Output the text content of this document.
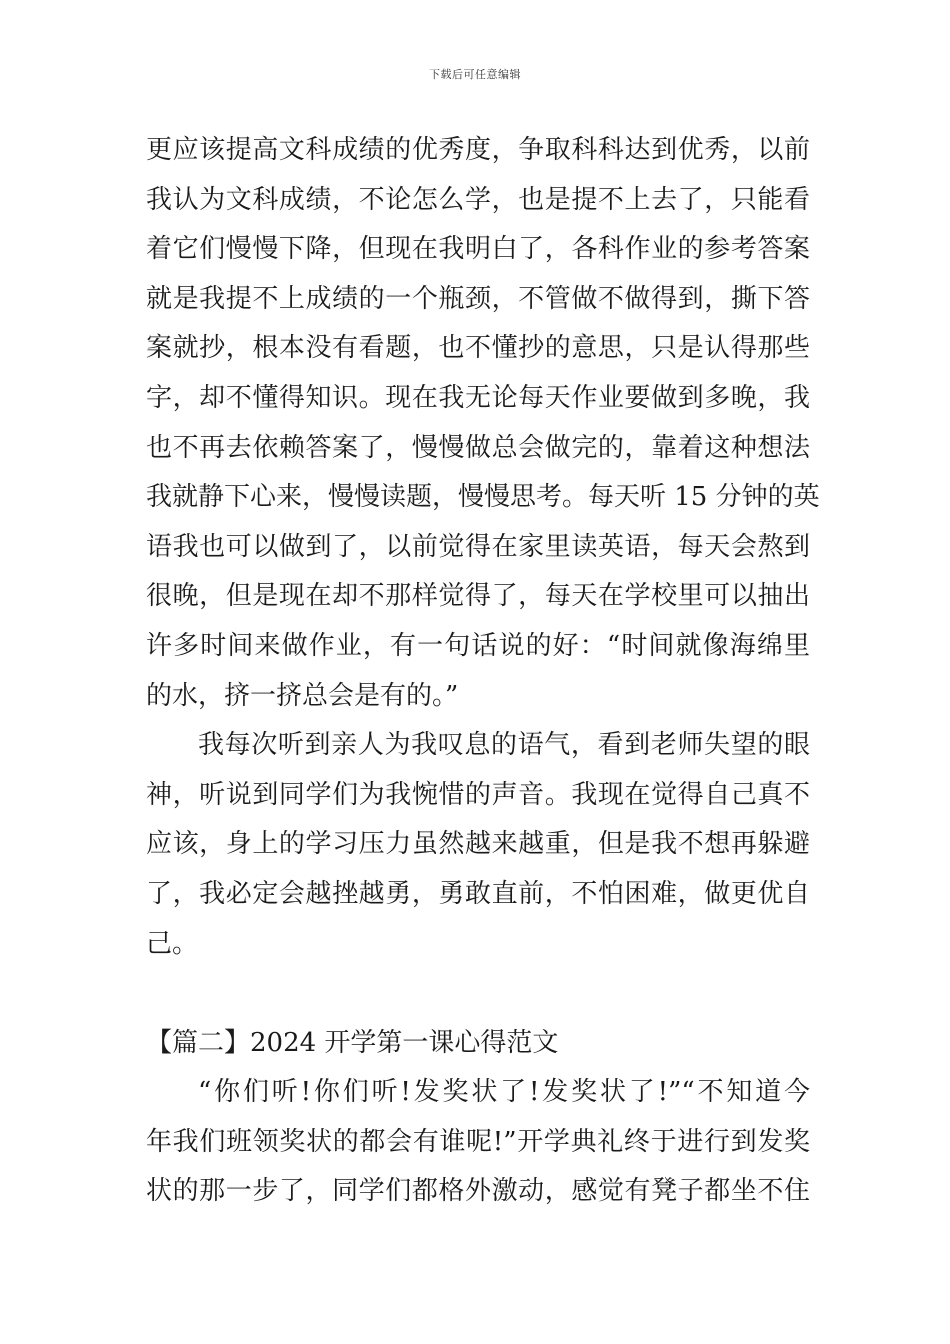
下载后可任意编辑
更应该提高文科成绩的优秀度，争取科科达到优秀，以前
我认为文科成绩，不论怎么学，也是提不上去了，只能看
着它们慢慢下降，但现在我明白了，各科作业的参考答案
就是我提不上成绩的一个瓶颈，不管做不做得到，撕下答
案就抄，根本没有看题，也不懂抄的意思，只是认得那些
字，却不懂得知识。现在我无论每天作业要做到多晚，我
也不再去依赖答案了，慢慢做总会做完的，靠着这种想法
我就静下心来，慢慢读题，慢慢思考。每天听 15 分钟的英
语我也可以做到了，以前觉得在家里读英语，每天会熬到
很晚，但是现在却不那样觉得了，每天在学校里可以抽出
许多时间来做作业，有一句话说的好：“时间就像海绵里
的水，挤一挤总会是有的。”
我每次听到亲人为我叹息的语气，看到老师失望的眼
神，听说到同学们为我惋惜的声音。我现在觉得自己真不
应该，身上的学习压力虽然越来越重，但是我不想再躲避
了，我必定会越挫越勇，勇敢直前，不怕困难，做更优自
己。
【篇二】2024 开学第一课心得范文
“你们听!你们听!发奖状了!发奖状了!”“不知道今
年我们班领奖状的都会有谁呢!”开学典礼终于进行到发奖
状的那一步了，同学们都格外激动，感觉有凳子都坐不住
